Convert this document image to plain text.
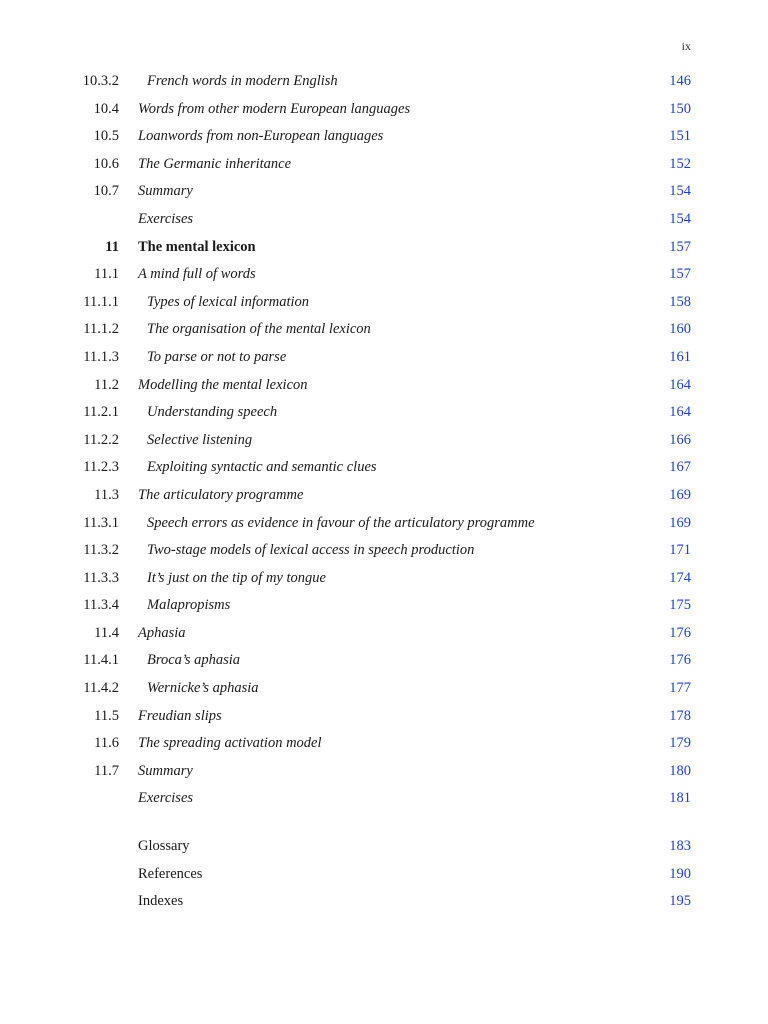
ix
10.3.2 French words in modern English	146
10.4 Words from other modern European languages	150
10.5 Loanwords from non-European languages	151
10.6 The Germanic inheritance	152
10.7 Summary	154
Exercises	154
11 The mental lexicon	157
11.1 A mind full of words	157
11.1.1 Types of lexical information	158
11.1.2 The organisation of the mental lexicon	160
11.1.3 To parse or not to parse	161
11.2 Modelling the mental lexicon	164
11.2.1 Understanding speech	164
11.2.2 Selective listening	166
11.2.3 Exploiting syntactic and semantic clues	167
11.3 The articulatory programme	169
11.3.1 Speech errors as evidence in favour of the articulatory programme	169
11.3.2 Two-stage models of lexical access in speech production	171
11.3.3 It’s just on the tip of my tongue	174
11.3.4 Malapropisms	175
11.4 Aphasia	176
11.4.1 Broca’s aphasia	176
11.4.2 Wernicke’s aphasia	177
11.5 Freudian slips	178
11.6 The spreading activation model	179
11.7 Summary	180
Exercises	181
Glossary	183
References	190
Indexes	195
